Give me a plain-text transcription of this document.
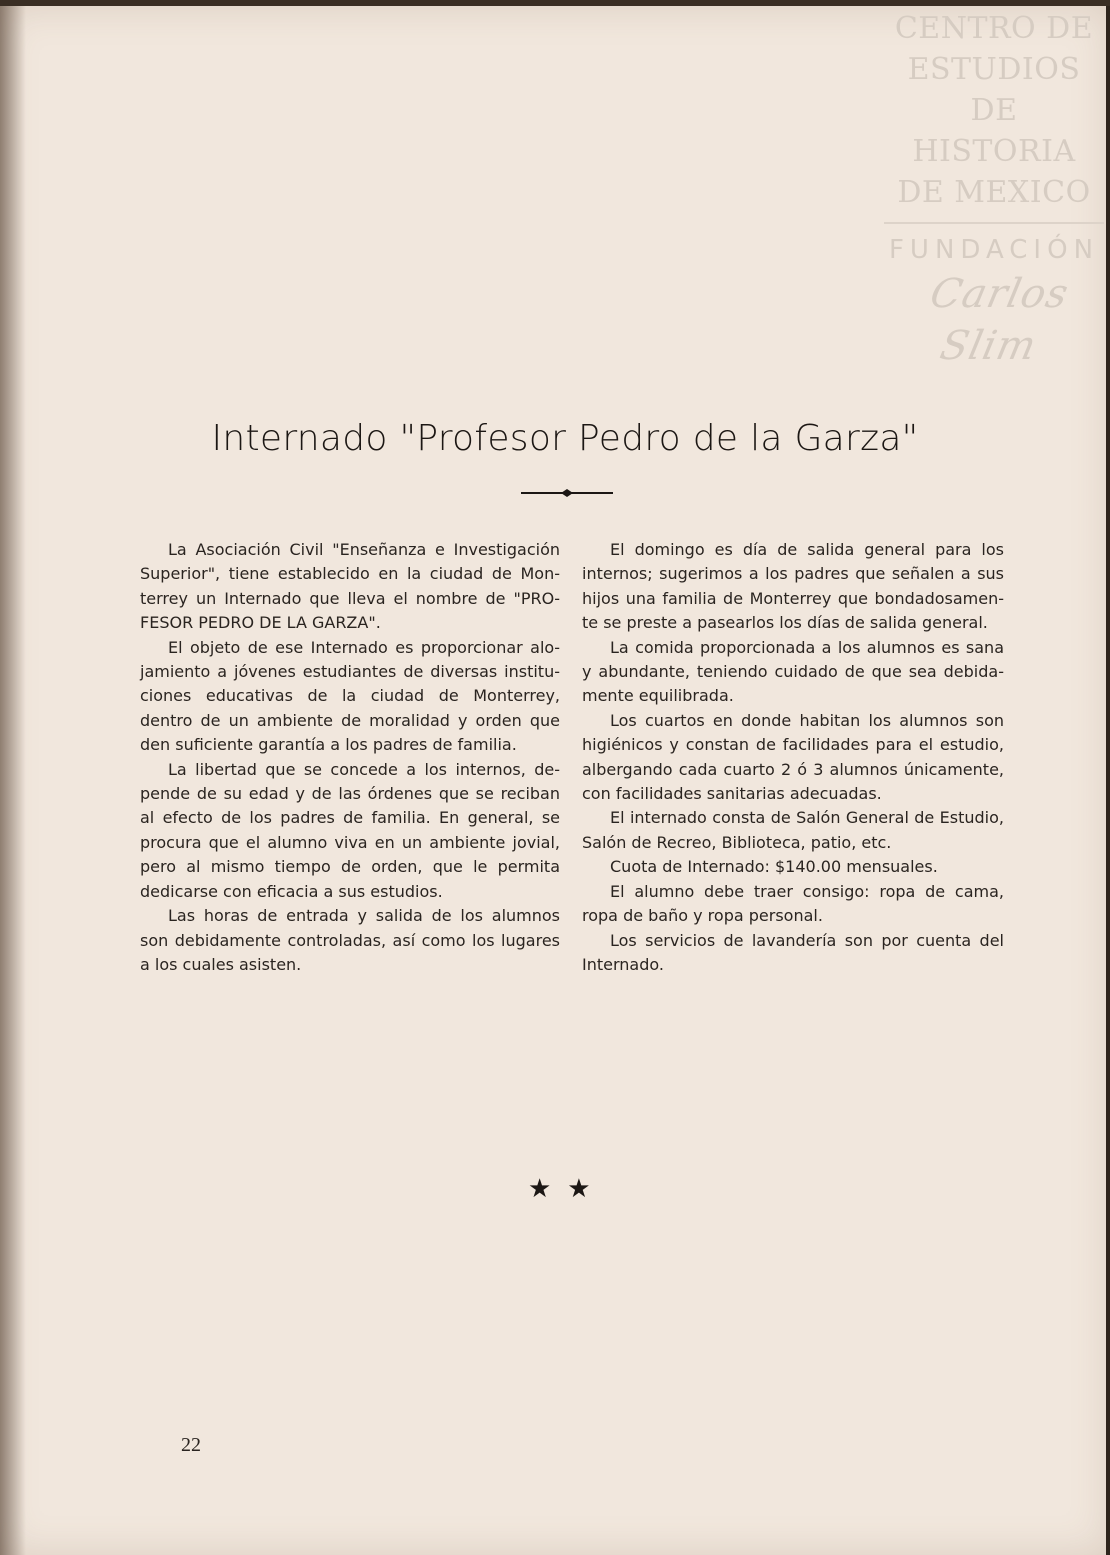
CENTRO DE
ESTUDIOS
DE HISTORIA
DE MEXICO
FUNDACIÓN
Carlos Slim
Internado "Profesor Pedro de la Garza"

La Asociación Civil "Enseñanza e Investigación Superior", tiene establecido en la ciudad de Monterrey un Internado que lleva el nombre de "PROFESOR PEDRO DE LA GARZA".

El objeto de ese Internado es proporcionar alojamiento a jóvenes estudiantes de diversas instituciones educativas de la ciudad de Monterrey, dentro de un ambiente de moralidad y orden que den suficiente garantía a los padres de familia.

La libertad que se concede a los internos, depende de su edad y de las órdenes que se reciban al efecto de los padres de familia. En general, se procura que el alumno viva en un ambiente jovial, pero al mismo tiempo de orden, que le permita dedicarse con eficacia a sus estudios.

Las horas de entrada y salida de los alumnos son debidamente controladas, así como los lugares a los cuales asisten.

El domingo es día de salida general para los internos; sugerimos a los padres que señalen a sus hijos una familia de Monterrey que bondadosamente se preste a pasearlos los días de salida general.

La comida proporcionada a los alumnos es sana y abundante, teniendo cuidado de que sea debidamente equilibrada.

Los cuartos en donde habitan los alumnos son higiénicos y constan de facilidades para el estudio, albergando cada cuarto 2 ó 3 alumnos únicamente, con facilidades sanitarias adecuadas.

El internado consta de Salón General de Estudio, Salón de Recreo, Biblioteca, patio, etc.

Cuota de Internado: $140.00 mensuales.

El alumno debe traer consigo: ropa de cama, ropa de baño y ropa personal.

Los servicios de lavandería son por cuenta del Internado.

★★
22
